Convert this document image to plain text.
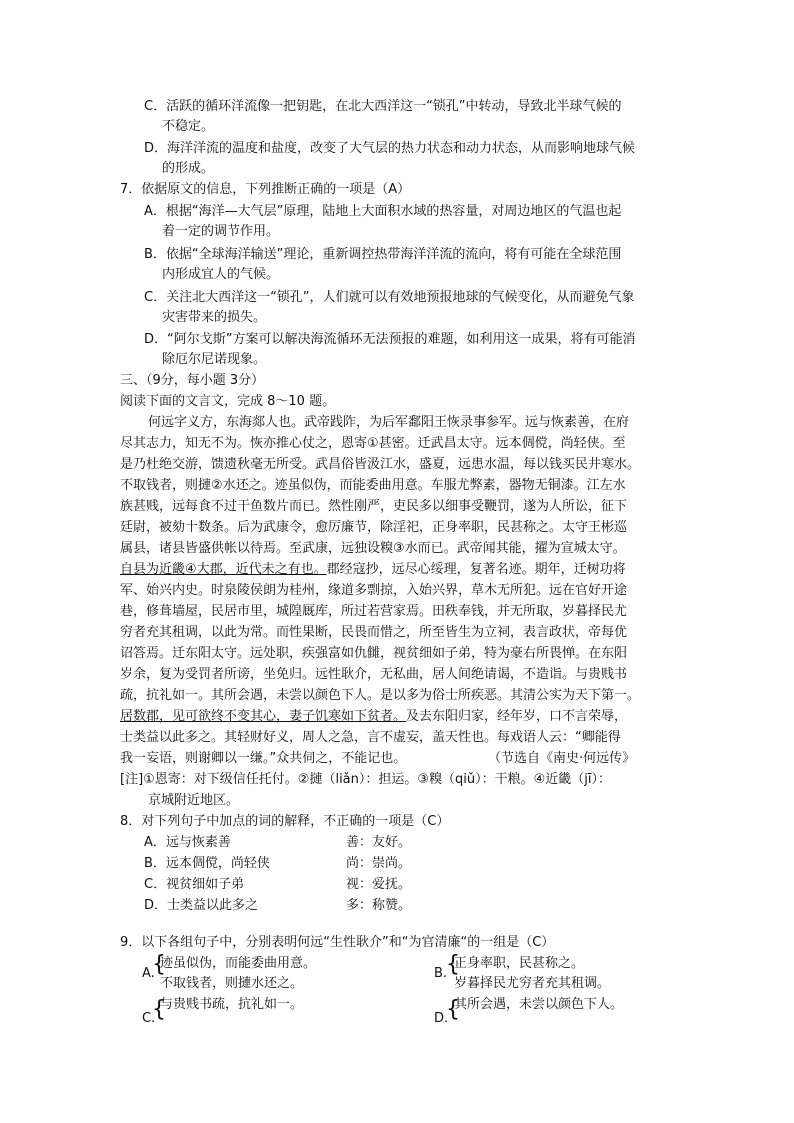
C．活跃的循环洋流像一把钥匙，在北大西洋这一“锁孔”中转动，导致北半球气候的
不稳定。
D．海洋洋流的温度和盐度，改变了大气层的热力状态和动力状态，从而影响地球气候
的形成。
7．依据原文的信息，下列推断正确的一项是（A）
A．根据“海洋—大气层”原理，陆地上大面积水域的热容量，对周边地区的气温也起
着一定的调节作用。
B．依据“全球海洋输送”理论，重新调控热带海洋洋流的流向，将有可能在全球范围
内形成宜人的气候。
C．关注北大西洋这一“锁孔”，人们就可以有效地预报地球的气候变化，从而避免气象
灾害带来的损失。
D．“阿尔戈斯”方案可以解决海流循环无法预报的难题，如利用这一成果，将有可能消
除厄尔尼诺现象。
三、（9分，每小题 3分）
阅读下面的文言文，完成 8～10 题。
何远字义方，东海郯人也。武帝践阼，为后军鄱阳王恢录事参军。远与恢素善，在府
尽其志力，知无不为。恢亦推心仗之，恩寄①甚密。迁武昌太守。远本倜傥，尚轻侠。至
是乃杜绝交游，馈遗秋毫无所受。武昌俗皆汲江水，盛夏，远患水温，每以钱买民井寒水。
不取钱者，则摙②水还之。迹虽似伪，而能委曲用意。车服尤弊素，器物无铜漆。江左水
族甚贱，远每食不过干鱼数片而已。然性刚严，吏民多以细事受鞭罚，遂为人所讼，征下
廷尉，被劾十数条。后为武康令，愈厉廉节，除淫祀，正身率职，民甚称之。太守王彬巡
属县，诸县皆盛供帐以待焉。至武康，远独设糗③水而已。武帝闻其能，擢为宣城太守。
自县为近畿④大郡，近代未之有也。郡经寇抄，远尽心绥理，复著名迹。期年，迁树功将
军、始兴内史。时泉陵侯朗为桂州，缘道多剽掠，入始兴界，草木无所犯。远在官好开途
巷，修葺墙屋，民居市里，城隍厩库，所过若营家焉。田秩奉钱，并无所取，岁暮择民尤
穷者充其租调，以此为常。而性果断，民畏而惜之，所至皆生为立祠，表言政状，帝每优
诏答焉。迁东阳太守。远处职，疾强富如仇雠，视贫细如子弟，特为豪右所畏惮。在东阳
岁余，复为受罚者所谤，坐免归。远性耿介，无私曲，居人间绝请谒，不造诣。与贵贱书
疏，抗礼如一。其所会遇，未尝以颜色下人。是以多为俗士所疾恶。其清公实为天下第一。
居数郡，见可欲终不变其心，妻子饥寒如下贫者。及去东阳归家，经年岁，口不言荣辱，
士类益以此多之。其轻财好义，周人之急，言不虚妄，盖天性也。每戏语人云：“卿能得
我一妄语，则谢卿以一缣。”众共伺之，不能记也。	（节选自《南史·何远传》
[注]①恩寄：对下级信任托付。②摙（liǎn）：担运。③糗（qiǔ）：干粮。④近畿（jī）：
京城附近地区。
8．对下列句子中加点的词的解释，不正确的一项是（C）
A．远与恢素善	善：友好。
B．远本倜傥，尚轻侠	尚：崇尚。
C．视贫细如子弟	视：爱抚。
D．士类益以此多之	多：称赞。
9．以下各组句子中，分别表明何远“生性耿介”和“为官清廉“的一组是（C）
A.
{
迹虽似伪，而能委曲用意。
不取钱者，则摙水还之。
B.
{
正身率职，民甚称之。
岁暮择民尤穷者充其租调。
C.
{
与贵贱书疏，抗礼如一。
D.
{
其所会遇，未尝以颜色下人。
